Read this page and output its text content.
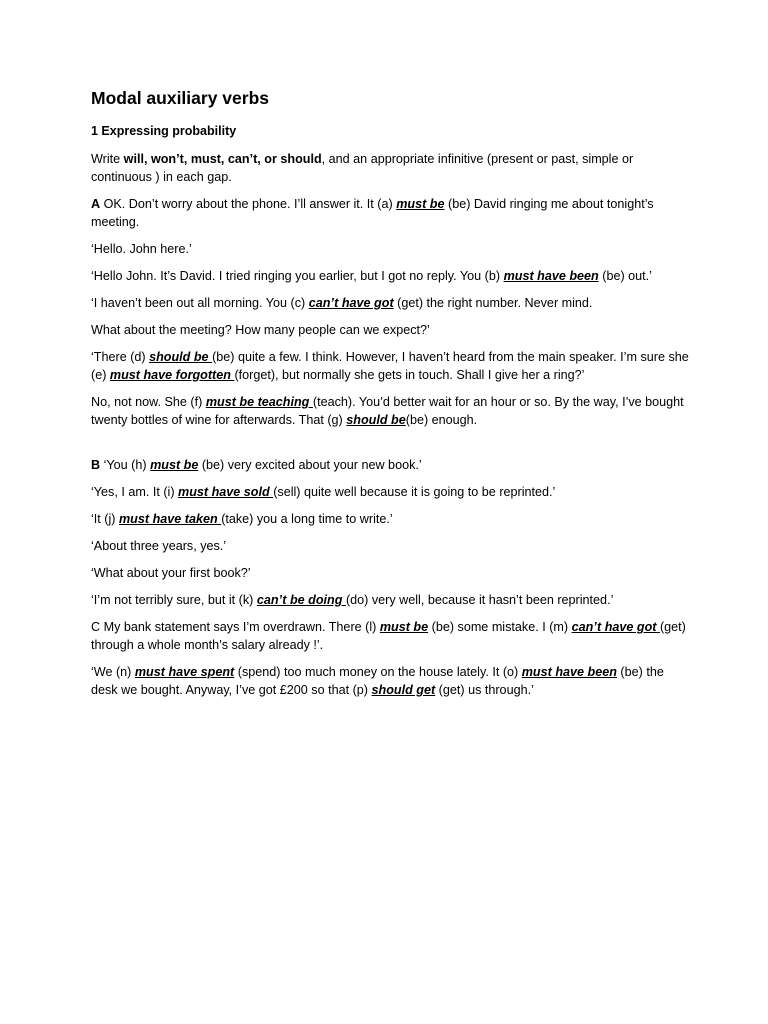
Modal auxiliary verbs
1 Expressing probability

Write will, won’t, must, can’t, or should, and an appropriate infinitive (present or past, simple or continuous ) in each gap.

A OK. Don’t worry about the phone. I’ll answer it. It (a) must be (be) David ringing me about tonight’s meeting.

‘Hello. John here.’

‘Hello John. It’s David. I tried ringing you earlier, but I got no reply. You (b) must have been (be) out.’

‘I haven’t been out all morning. You (c) can’t have got (get) the right number. Never mind.

What about the meeting? How many people can we expect?’

‘There (d) should be (be) quite a few. I think. However, I haven’t heard from the main speaker. I’m sure she (e) must have forgotten (forget), but normally she gets in touch. Shall I give her a ring?’

No, not now. She (f) must be teaching (teach). You’d better wait for an hour or so. By the way, I’ve bought twenty bottles of wine for afterwards. That (g) should be(be) enough.

B ‘You (h) must be (be) very excited about your new book.’

‘Yes, I am. It (i) must have sold (sell) quite well because it is going to be reprinted.’

‘It (j) must have taken (take) you a long time to write.’

‘About three years, yes.’

‘What about your first book?’

‘I’m not terribly sure, but it (k) can’t be doing (do) very well, because it hasn’t been reprinted.’

C My bank statement says I’m overdrawn. There (l) must be (be) some mistake. I (m) can’t have got (get) through a whole month’s salary already !’.

‘We (n) must have spent (spend) too much money on the house lately. It (o) must have been (be) the desk we bought. Anyway, I’ve got £200 so that (p) should get (get) us through.’
